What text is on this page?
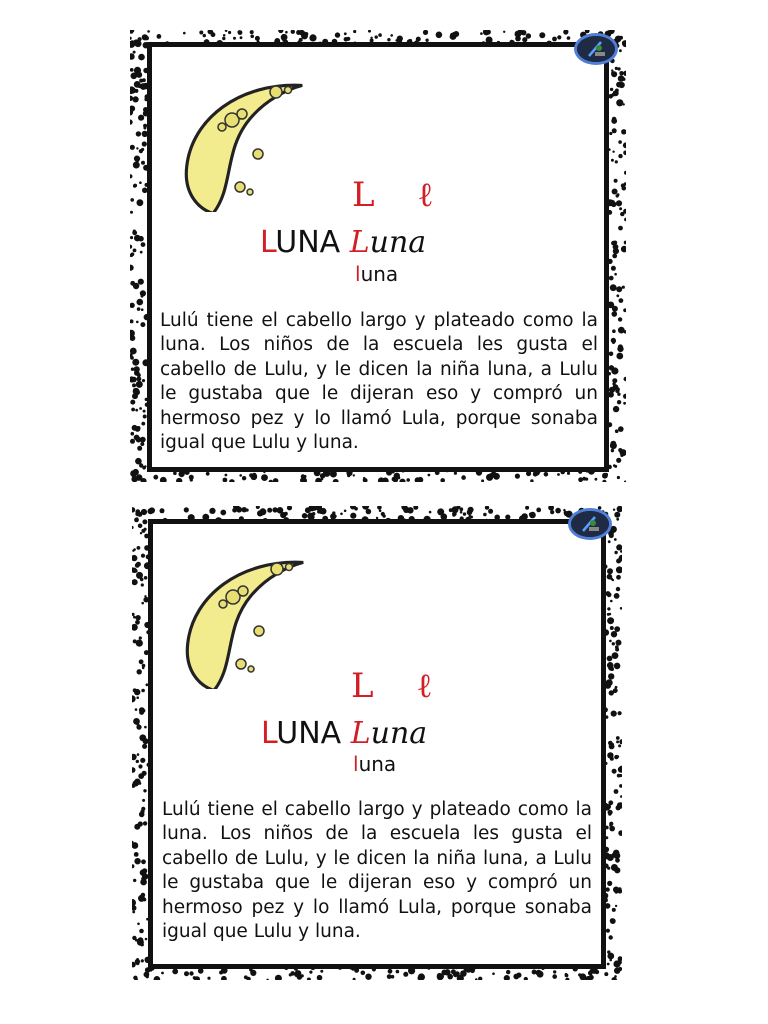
L ℓ
LUNA Luna
luna

Lulú tiene el cabello largo y plateado como la luna. Los niños de la escuela les gusta el cabello de Lulu, y le dicen la niña luna, a Lulu le gustaba que le dijeran eso y compró un hermoso pez y lo llamó Lula, porque sonaba igual que Lulu y luna.

L ℓ
LUNA Luna
luna

Lulú tiene el cabello largo y plateado como la luna. Los niños de la escuela les gusta el cabello de Lulu, y le dicen la niña luna, a Lulu le gustaba que le dijeran eso y compró un hermoso pez y lo llamó Lula, porque sonaba igual que Lulu y luna.
